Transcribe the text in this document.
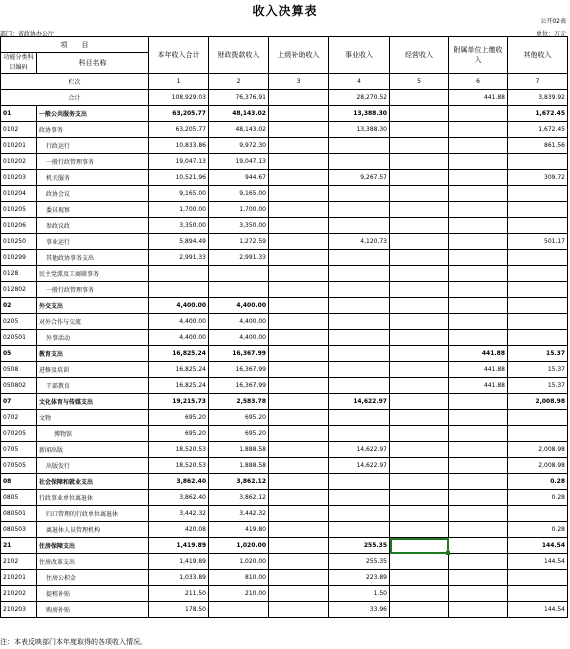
收入决算表
公开02表
部门：省政协办公厅	单位：万元
项　　目		本年收入合计	财政拨款收入	上级补助收入	事业收入	经营收入	附属单位上缴收入	其他收入
功能分类科目编码	科目名称							
栏次		1	2	3	4	5	6	7
合计		108,929.03	76,376.91		28,270.52		441.88	3,839.92
01	一般公共服务支出	63,205.77	48,143.02		13,388.30			1,672.45
0102	政协事务	63,205.77	48,143.02		13,388.30			1,672.45
010201	行政运行	10,833.86	9,972.30					861.56
010202	一般行政管理事务	19,047.13	19,047.13					
010203	机关服务	10,521.96	944.67		9,267.57			309.72
010204	政协会议	9,165.00	9,165.00					
010205	委员视察	1,700.00	1,700.00					
010206	参政议政	3,350.00	3,350.00					
010250	事业运行	5,894.49	1,272.59		4,120.73			501.17
010299	其他政协事务支出	2,991.33	2,991.33					
0128	民主党派及工商联事务							
012802	一般行政管理事务							
02	外交支出	4,400.00	4,400.00					
0205	对外合作与交流	4,400.00	4,400.00					
020501	外事活动	4,400.00	4,400.00					
05	教育支出	16,825.24	16,367.99				441.88	15.37
0508	进修及培训	16,825.24	16,367.99				441.88	15.37
050802	干部教育	16,825.24	16,367.99				441.88	15.37
07	文化体育与传媒支出	19,215.73	2,583.78		14,622.97			2,008.98
0702	文物	695.20	695.20					
070205	博物馆	695.20	695.20					
0705	新闻出版	18,520.53	1,888.58		14,622.97			2,008.98
070505	出版发行	18,520.53	1,888.58		14,622.97			2,008.98
08	社会保障和就业支出	3,862.40	3,862.12					0.28
0805	行政事业单位离退休	3,862.40	3,862.12					0.28
080501	归口管理的行政单位离退休	3,442.32	3,442.32					
080503	离退休人员管理机构	420.08	419.80					0.28
21	住房保障支出	1,419.89	1,020.00		255.35			144.54
2102	住房改革支出	1,419.89	1,020.00		255.35			144.54
210201	住房公积金	1,033.89	810.00		223.89			
210202	提租补贴	211.50	210.00		1.50			
210203	购房补贴	178.50			33.96			144.54
注：本表反映部门本年度取得的各项收入情况。
